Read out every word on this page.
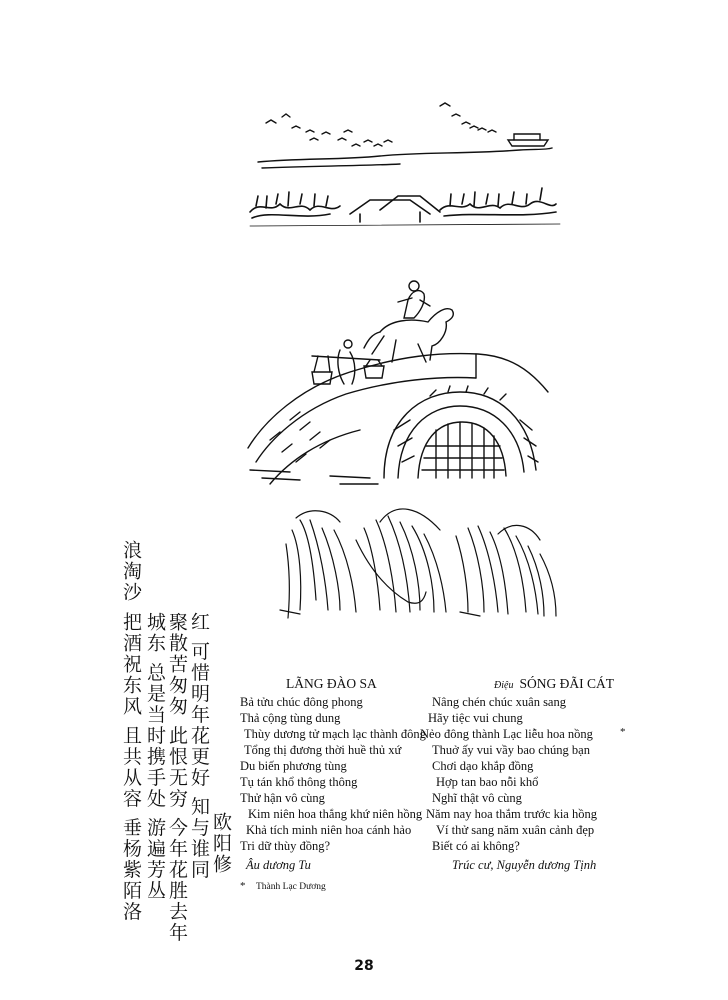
浪淘沙
把酒祝东风 且共从容 垂杨紫陌洛 城东 总是当时携手处 游遍芳丛 聚散苦匆匆 此恨无穷 今年花胜去年 红 可惜明年花更好 知与谁同 欧阳修
LÃNG ĐÀO SA
Bả tửu chúc đông phong
Thả cộng tùng dung
Thùy dương tử mạch lạc thành đông
Tổng thị đương thời huề thủ xứ
Du biến phương tùng
Tụ tán khổ thông thông
Thử hận vô cùng
Kim niên hoa thắng khứ niên hồng
Khả tích minh niên hoa cánh hảo
Tri dữ thùy đồng?
Âu dương Tu
Điệu SÓNG ĐÃI CÁT
Nâng chén chúc xuân sang
Hãy tiệc vui chung
Nẻo đông thành Lạc liễu hoa nồng
Thuở ấy vui vầy bao chúng bạn
Chơi dạo khắp đồng
Hợp tan bao nỗi khổ
Nghĩ thật vô cùng
Năm nay hoa thắm trước kia hồng
Ví thử sang năm xuân cảnh đẹp
Biết có ai không?
Trúc cư, Nguyễn dương Tịnh
*
* Thành Lạc Dương
28
